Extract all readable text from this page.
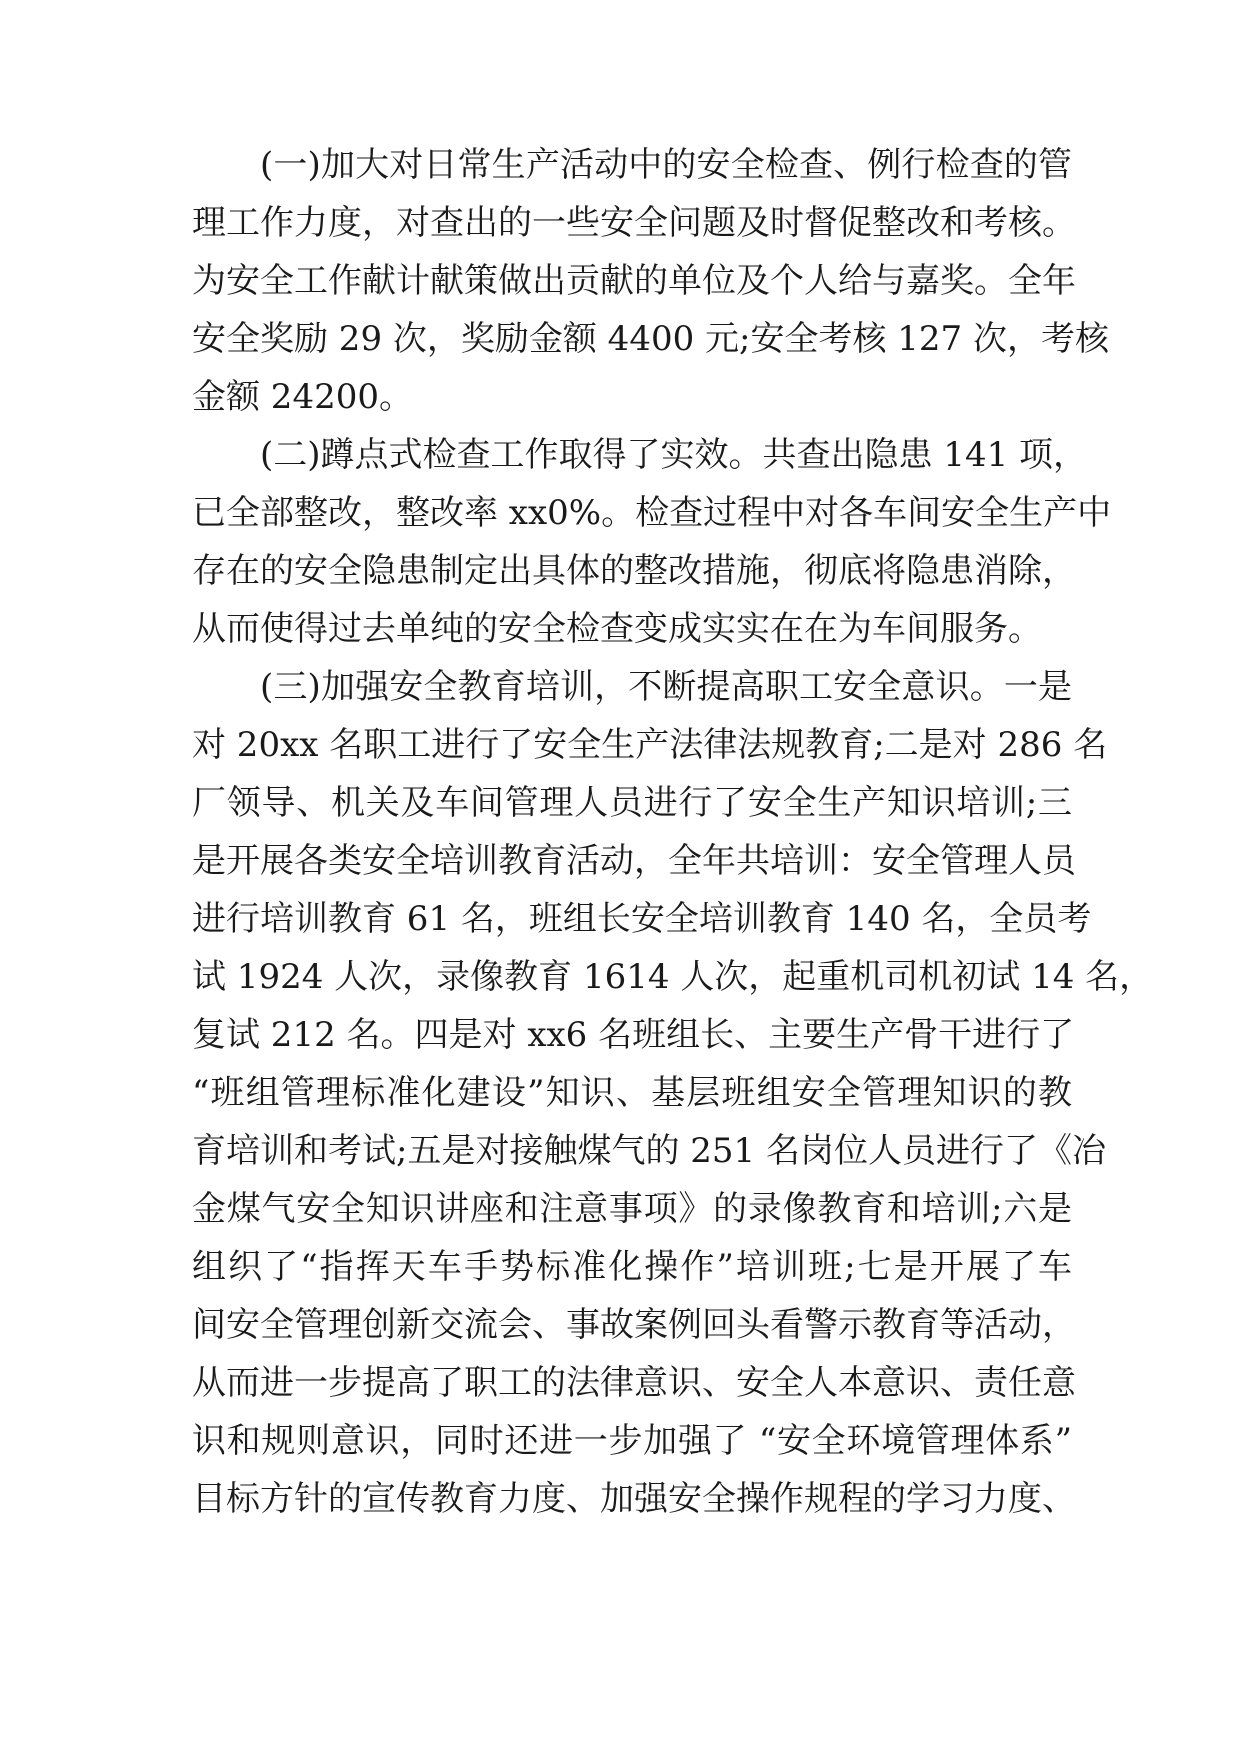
(一)加大对日常生产活动中的安全检查、例行检查的管
理工作力度，对查出的一些安全问题及时督促整改和考核。
为安全工作献计献策做出贡献的单位及个人给与嘉奖。全年
安全奖励 29 次，奖励金额 4400 元;安全考核 127 次，考核
金额 24200。
(二)蹲点式检查工作取得了实效。共查出隐患 141 项，
已全部整改，整改率 xx0%。检查过程中对各车间安全生产中
存在的安全隐患制定出具体的整改措施，彻底将隐患消除，
从而使得过去单纯的安全检查变成实实在在为车间服务。
(三)加强安全教育培训，不断提高职工安全意识。一是
对 20xx 名职工进行了安全生产法律法规教育;二是对 286 名
厂领导、机关及车间管理人员进行了安全生产知识培训;三
是开展各类安全培训教育活动，全年共培训：安全管理人员
进行培训教育 61 名，班组长安全培训教育 140 名，全员考
试 1924 人次，录像教育 1614 人次，起重机司机初试 14 名，
复试 212 名。四是对 xx6 名班组长、主要生产骨干进行了
“班组管理标准化建设”知识、基层班组安全管理知识的教
育培训和考试;五是对接触煤气的 251 名岗位人员进行了《冶
金煤气安全知识讲座和注意事项》的录像教育和培训;六是
组织了“指挥天车手势标准化操作”培训班;七是开展了车
间安全管理创新交流会、事故案例回头看警示教育等活动，
从而进一步提高了职工的法律意识、安全人本意识、责任意
识和规则意识，同时还进一步加强了 “安全环境管理体系”
目标方针的宣传教育力度、加强安全操作规程的学习力度、
